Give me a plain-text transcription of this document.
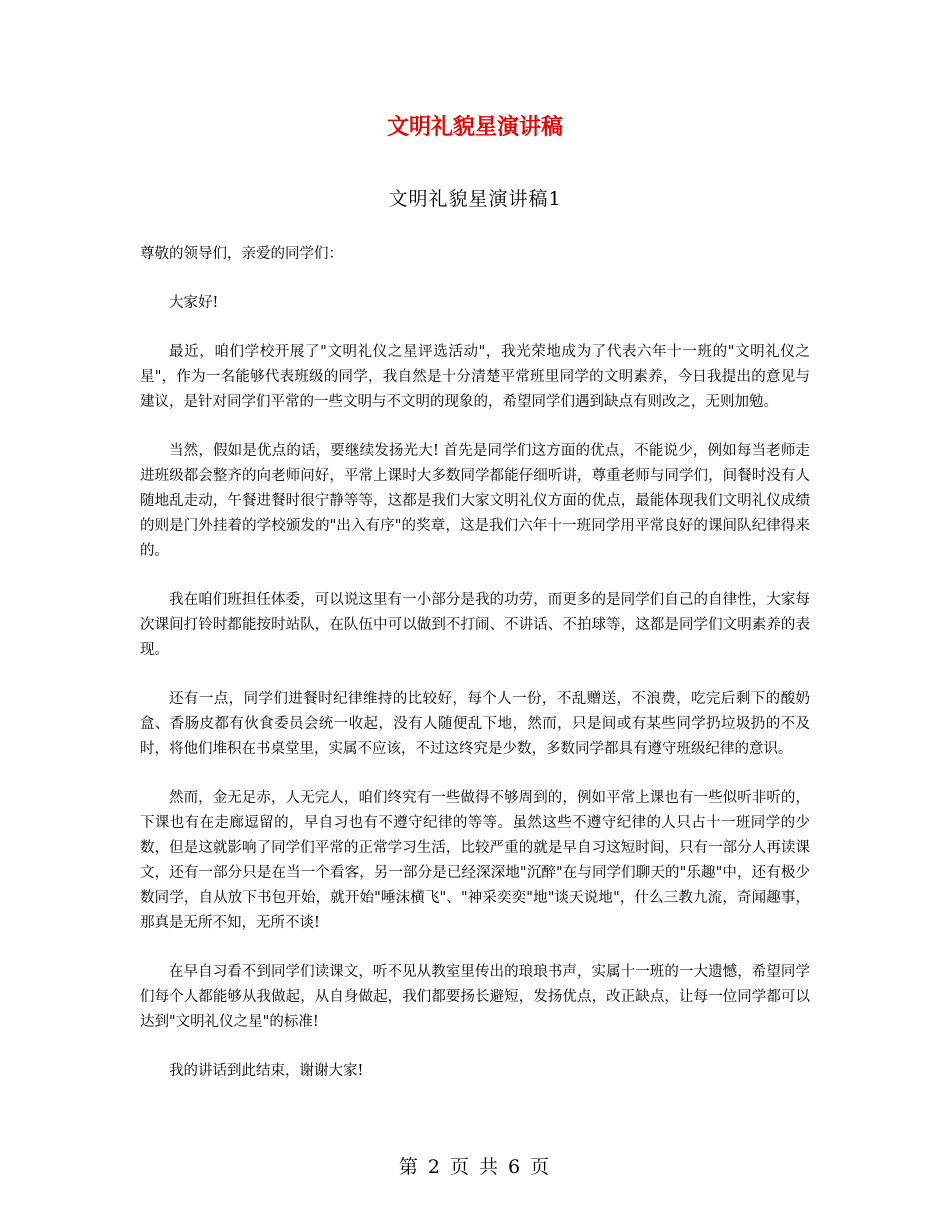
文明礼貌星演讲稿
文明礼貌星演讲稿1

尊敬的领导们，亲爱的同学们：

大家好!

最近，咱们学校开展了"文明礼仪之星评选活动"，我光荣地成为了代表六年十一班的"文明礼仪之星"，作为一名能够代表班级的同学，我自然是十分清楚平常班里同学的文明素养，今日我提出的意见与建议，是针对同学们平常的一些文明与不文明的现象的，希望同学们遇到缺点有则改之，无则加勉。

当然，假如是优点的话，要继续发扬光大! 首先是同学们这方面的优点，不能说少，例如每当老师走进班级都会整齐的向老师问好，平常上课时大多数同学都能仔细听讲，尊重老师与同学们，间餐时没有人随地乱走动，午餐进餐时很宁静等等，这都是我们大家文明礼仪方面的优点，最能体现我们文明礼仪成绩的则是门外挂着的学校颁发的"出入有序"的奖章，这是我们六年十一班同学用平常良好的课间队纪律得来的。

我在咱们班担任体委，可以说这里有一小部分是我的功劳，而更多的是同学们自己的自律性，大家每次课间打铃时都能按时站队，在队伍中可以做到不打闹、不讲话、不拍球等，这都是同学们文明素养的表现。

还有一点，同学们进餐时纪律维持的比较好，每个人一份，不乱赠送，不浪费，吃完后剩下的酸奶盒、香肠皮都有伙食委员会统一收起，没有人随便乱下地，然而，只是间或有某些同学扔垃圾扔的不及时，将他们堆积在书桌堂里，实属不应该，不过这终究是少数，多数同学都具有遵守班级纪律的意识。

然而，金无足赤，人无完人，咱们终究有一些做得不够周到的，例如平常上课也有一些似听非听的，下课也有在走廊逗留的，早自习也有不遵守纪律的等等。虽然这些不遵守纪律的人只占十一班同学的少数，但是这就影响了同学们平常的正常学习生活，比较严重的就是早自习这短时间，只有一部分人再读课文，还有一部分只是在当一个看客，另一部分是已经深深地"沉醉"在与同学们聊天的"乐趣"中，还有极少数同学，自从放下书包开始，就开始"唾沫横飞"、"神采奕奕"地"谈天说地"，什么三教九流，奇闻趣事，那真是无所不知，无所不谈!

在早自习看不到同学们读课文，听不见从教室里传出的琅琅书声，实属十一班的一大遗憾，希望同学们每个人都能够从我做起，从自身做起，我们都要扬长避短，发扬优点，改正缺点，让每一位同学都可以达到"文明礼仪之星"的标准!

我的讲话到此结束，谢谢大家!

第 2 页 共 6 页
